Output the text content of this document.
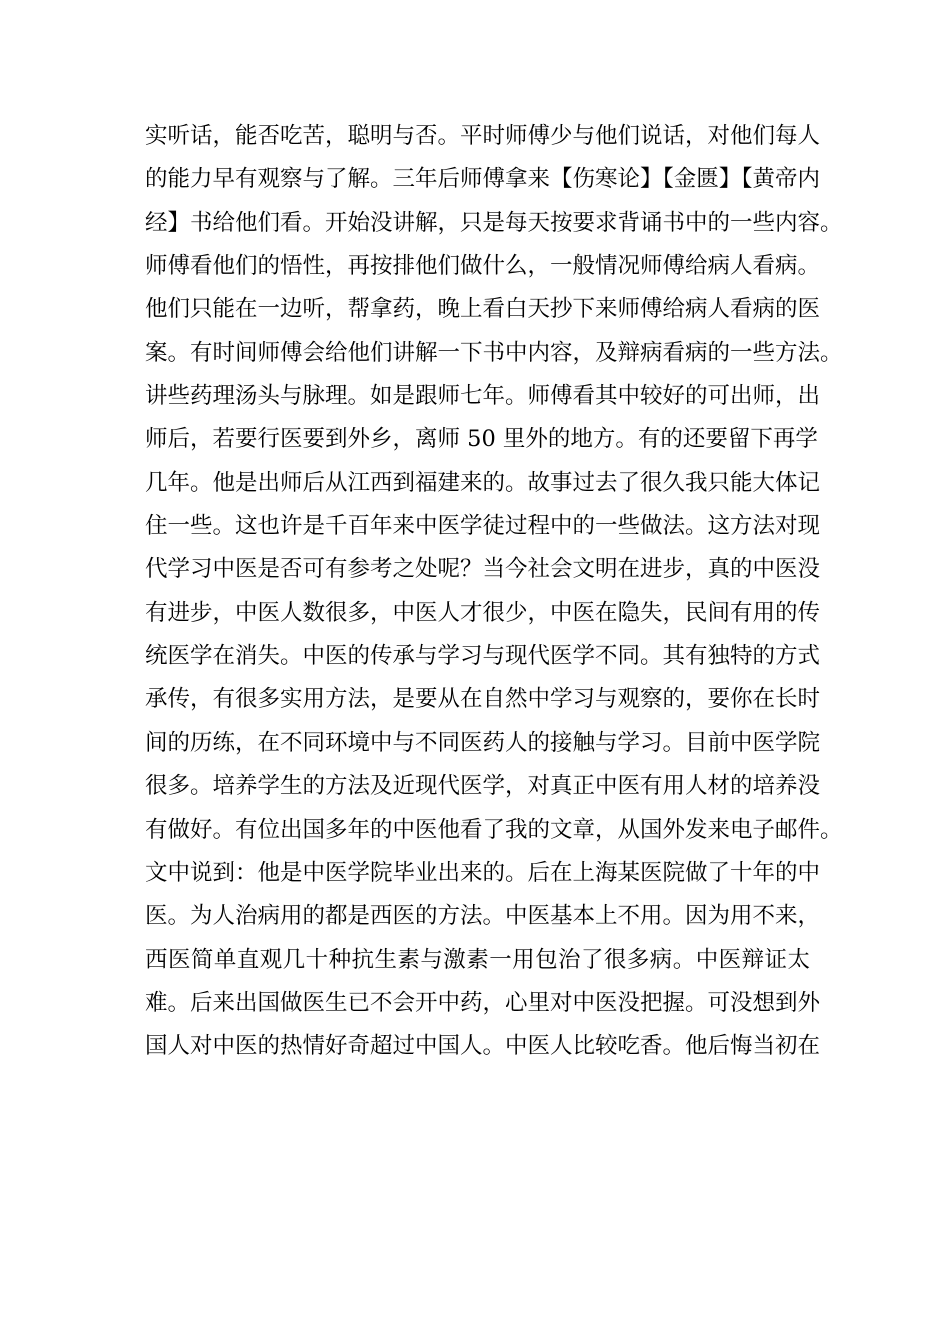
实听话，能否吃苦，聪明与否。平时师傅少与他们说话，对他们每人
的能力早有观察与了解。三年后师傅拿来【伤寒论】【金匮】【黄帝内
经】书给他们看。开始没讲解，只是每天按要求背诵书中的一些内容。
师傅看他们的悟性，再按排他们做什么，一般情况师傅给病人看病。
他们只能在一边听，帮拿药，晚上看白天抄下来师傅给病人看病的医
案。有时间师傅会给他们讲解一下书中内容，及辩病看病的一些方法。
讲些药理汤头与脉理。如是跟师七年。师傅看其中较好的可出师，出
师后，若要行医要到外乡，离师 50 里外的地方。有的还要留下再学
几年。他是出师后从江西到福建来的。故事过去了很久我只能大体记
住一些。这也许是千百年来中医学徒过程中的一些做法。这方法对现
代学习中医是否可有参考之处呢？当今社会文明在进步，真的中医没
有进步，中医人数很多，中医人才很少，中医在隐失，民间有用的传
统医学在消失。中医的传承与学习与现代医学不同。其有独特的方式
承传，有很多实用方法，是要从在自然中学习与观察的，要你在长时
间的历练，在不同环境中与不同医药人的接触与学习。目前中医学院
很多。培养学生的方法及近现代医学，对真正中医有用人材的培养没
有做好。有位出国多年的中医他看了我的文章，从国外发来电子邮件。
文中说到：他是中医学院毕业出来的。后在上海某医院做了十年的中
医。为人治病用的都是西医的方法。中医基本上不用。因为用不来，
西医简单直观几十种抗生素与激素一用包治了很多病。中医辩证太
难。后来出国做医生已不会开中药，心里对中医没把握。可没想到外
国人对中医的热情好奇超过中国人。中医人比较吃香。他后悔当初在
